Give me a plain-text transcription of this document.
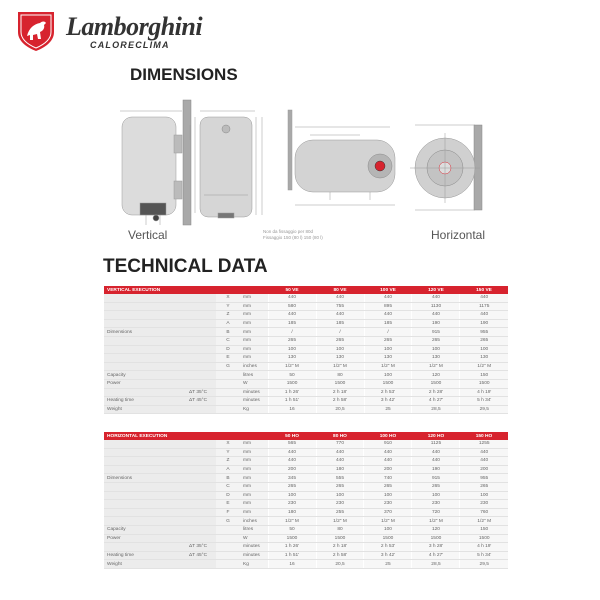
Lamborghini
CALORECLIMA
DIMENSIONS
Vertical	Horizontal
Non da fissaggio per 80d
Fissaggio 150 (80 l) 150 (80 l)
TECHNICAL DATA
VERTICAL EXECUTION				50 VE	80 VE	100 VE	120 VE	150 VE
		X	mm	440	440	440	440	440
		Y	mm	580	755	895	1130	1175
		Z	mm	440	440	440	440	440
		A	mm	185	185	185	190	190
Dimensions		B	mm	/	/	/	915	955
		C	mm	265	265	265	265	265
		D	mm	100	100	100	100	100
		E	mm	130	130	130	130	130
		G	inches	1/2" M	1/2" M	1/2" M	1/2" M	1/2" M
Capacity			litres	50	80	100	120	150
Power			W	1500	1500	1500	1500	1500
	ΔT 35°C		minutes	1 h 26'	2 h 18'	2 h 53'	2 h 28'	4 h 19'
Heating time	ΔT 45°C		minutes	1 h 51'	2 h 58'	3 h 42'	4 h 27'	5 h 34'
Weight			Kg	16	20,5	25	28,5	29,5
HORIZONTAL EXECUTION				50 HO	80 HO	100 HO	120 HO	150 HO
		X	mm	565	770	910	1125	1255
		Y	mm	440	440	440	440	440
		Z	mm	440	440	440	440	440
		A	mm	200	180	200	190	200
Dimensions		B	mm	345	555	740	915	955
		C	mm	265	265	265	265	265
		D	mm	100	100	100	100	100
		E	mm	230	230	230	230	230
		F	mm	180	255	370	720	760
		G	inches	1/2" M	1/2" M	1/2" M	1/2" M	1/2" M
Capacity			litres	50	80	100	120	150
Power			W	1500	1500	1500	1500	1500
	ΔT 35°C		minutes	1 h 26'	2 h 18'	2 h 53'	3 h 28'	4 h 19'
Heating time	ΔT 45°C		minutes	1 h 51'	2 h 58'	3 h 42'	4 h 27'	5 h 34'
Weight			Kg	16	20,5	25	28,5	29,5
